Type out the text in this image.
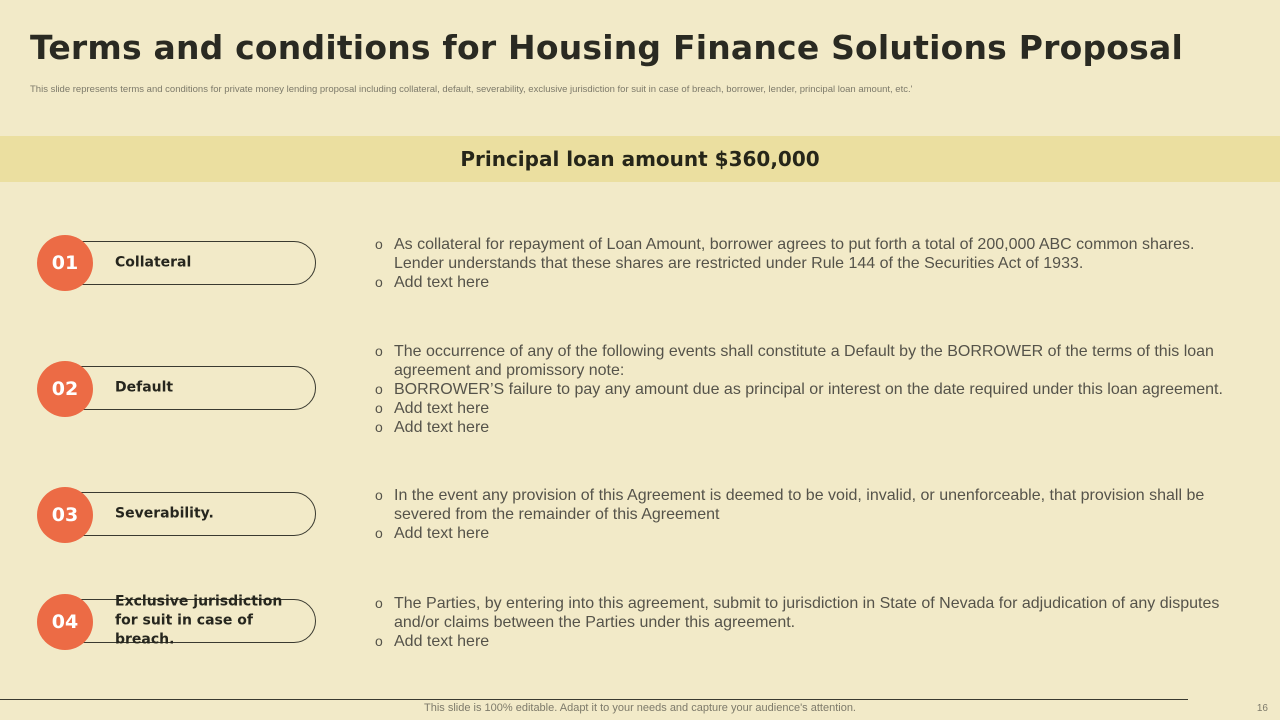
Terms and conditions for Housing Finance Solutions Proposal
This slide represents terms and conditions for private money lending proposal including collateral, default, severability, exclusive jurisdiction for suit in case of breach, borrower, lender, principal loan amount, etc.'
Principal loan amount $360,000
Collateral
01
o As collateral for repayment of Loan Amount, borrower agrees to put forth a total of 200,000 ABC common shares. Lender understands that these shares are restricted under Rule 144 of the Securities Act of 1933.
o Add text here
Default
02
o The occurrence of any of the following events shall constitute a Default by the BORROWER of the terms of this loan agreement and promissory note:
o BORROWER’S failure to pay any amount due as principal or interest on the date required under this loan agreement.
o Add text here
o Add text here
Severability.
03
o In the event any provision of this Agreement is deemed to be void, invalid, or unenforceable, that provision shall be severed from the remainder of this Agreement
o Add text here
Exclusive jurisdiction for suit in case of breach.
04
o The Parties, by entering into this agreement, submit to jurisdiction in State of Nevada for adjudication of any disputes and/or claims between the Parties under this agreement.
o Add text here
This slide is 100% editable. Adapt it to your needs and capture your audience's attention.	16
